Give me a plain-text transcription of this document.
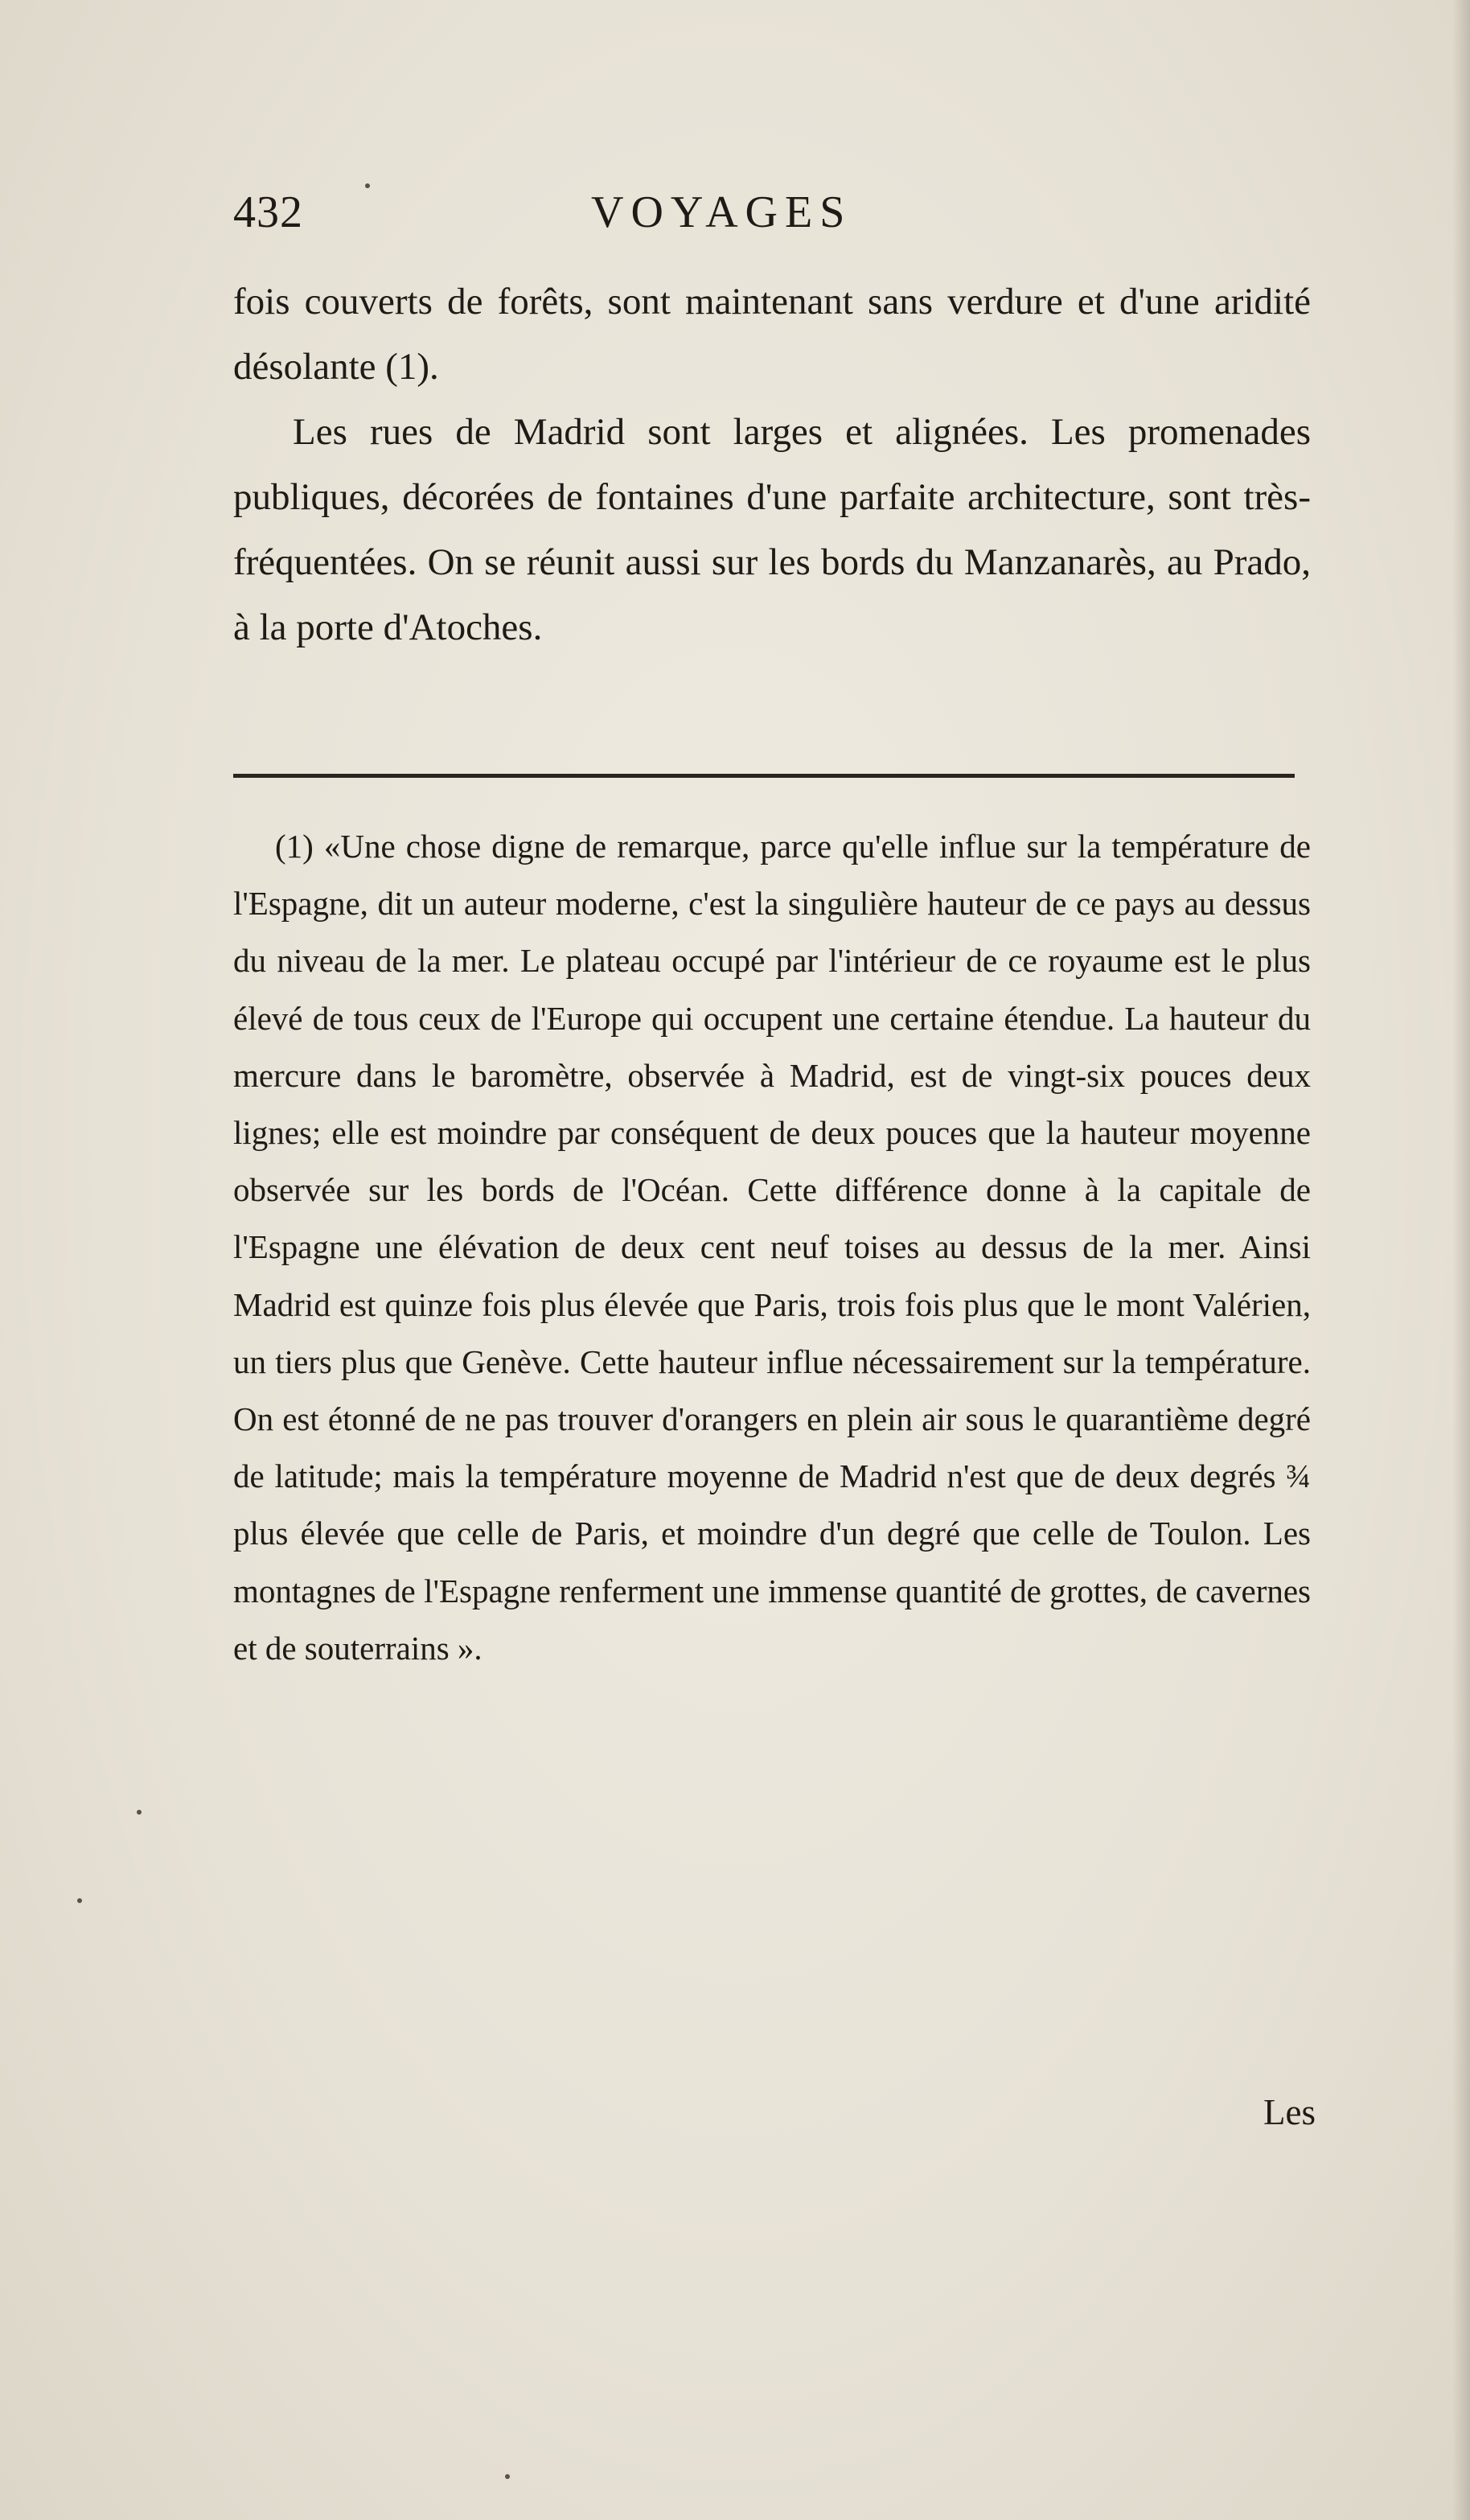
432	VOYAGES

fois couverts de forêts, sont maintenant sans verdure et d'une aridité désolante (1).

Les rues de Madrid sont larges et alignées. Les promenades publiques, décorées de fontaines d'une parfaite architecture, sont très-fréquentées. On se réunit aussi sur les bords du Manzanarès, au Prado, à la porte d'Atoches.

(1) «Une chose digne de remarque, parce qu'elle influe sur la température de l'Espagne, dit un auteur moderne, c'est la singulière hauteur de ce pays au dessus du niveau de la mer. Le plateau occupé par l'intérieur de ce royaume est le plus élevé de tous ceux de l'Europe qui occupent une certaine étendue. La hauteur du mercure dans le baromètre, observée à Madrid, est de vingt-six pouces deux lignes; elle est moindre par conséquent de deux pouces que la hauteur moyenne observée sur les bords de l'Océan. Cette différence donne à la capitale de l'Espagne une élévation de deux cent neuf toises au dessus de la mer. Ainsi Madrid est quinze fois plus élevée que Paris, trois fois plus que le mont Valérien, un tiers plus que Genève. Cette hauteur influe nécessairement sur la température. On est étonné de ne pas trouver d'orangers en plein air sous le quarantième degré de latitude; mais la température moyenne de Madrid n'est que de deux degrés ¾ plus élevée que celle de Paris, et moindre d'un degré que celle de Toulon. Les montagnes de l'Espagne renferment une immense quantité de grottes, de cavernes et de souterrains ».

Les
